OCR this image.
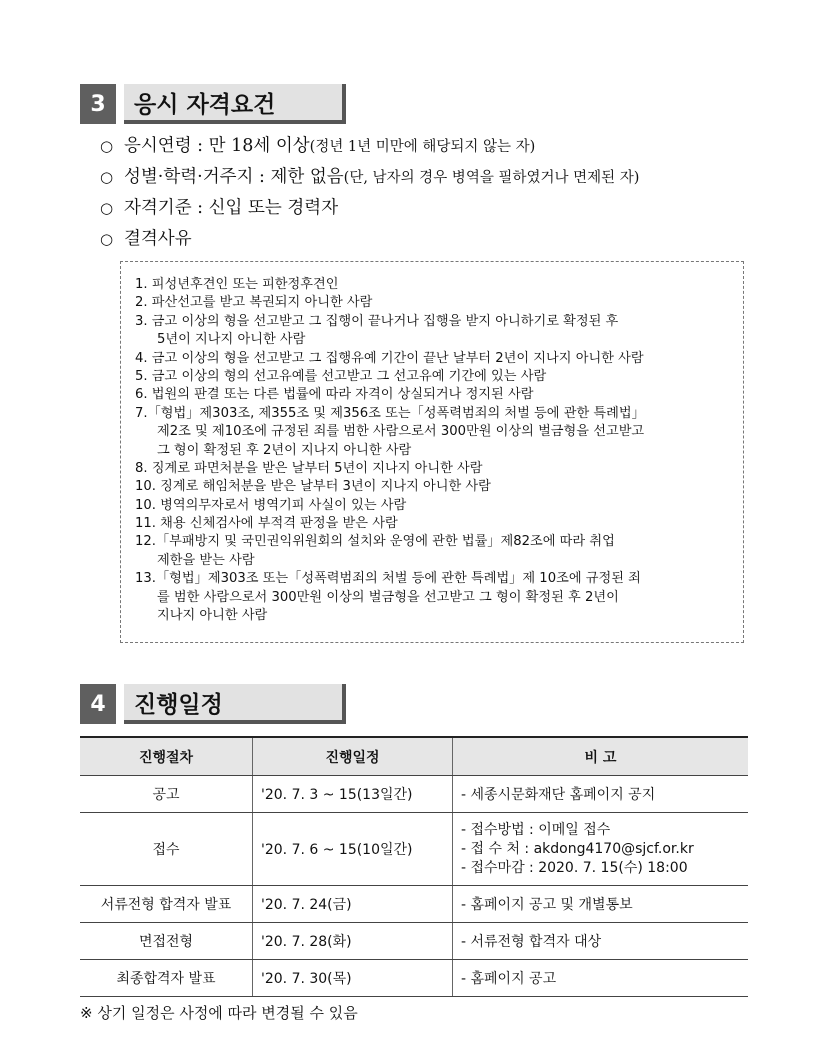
3	응시 자격요건
○ 응시연령 : 만 18세 이상(정년 1년 미만에 해당되지 않는 자)
○ 성별·학력·거주지 : 제한 없음(단, 남자의 경우 병역을 필하였거나 면제된 자)
○ 자격기준 : 신입 또는 경력자
○ 결격사유
1. 피성년후견인 또는 피한정후견인
2. 파산선고를 받고 복권되지 아니한 사람
3. 금고 이상의 형을 선고받고 그 집행이 끝나거나 집행을 받지 아니하기로 확정된 후
5년이 지나지 아니한 사람
4. 금고 이상의 형을 선고받고 그 집행유예 기간이 끝난 날부터 2년이 지나지 아니한 사람
5. 금고 이상의 형의 선고유예를 선고받고 그 선고유예 기간에 있는 사람
6. 법원의 판결 또는 다른 법률에 따라 자격이 상실되거나 정지된 사람
7.「형법」제303조, 제355조 및 제356조 또는「성폭력범죄의 처벌 등에 관한 특례법」
제2조 및 제10조에 규정된 죄를 범한 사람으로서 300만원 이상의 벌금형을 선고받고
그 형이 확정된 후 2년이 지나지 아니한 사람
8. 징계로 파면처분을 받은 날부터 5년이 지나지 아니한 사람
10. 징계로 해임처분을 받은 날부터 3년이 지나지 아니한 사람
10. 병역의무자로서 병역기피 사실이 있는 사람
11. 채용 신체검사에 부적격 판정을 받은 사람
12.「부패방지 및 국민권익위원회의 설치와 운영에 관한 법률」제82조에 따라 취업
제한을 받는 사람
13.「형법」제303조 또는「성폭력범죄의 처벌 등에 관한 특례법」제 10조에 규정된 죄
를 범한 사람으로서 300만원 이상의 벌금형을 선고받고 그 형이 확정된 후 2년이
지나지 아니한 사람
4	진행일정
진행절차	진행일정	비 고
공고	'20. 7. 3 ~ 15(13일간)	- 세종시문화재단 홈페이지 공지
접수	'20. 7. 6 ~ 15(10일간)	- 접수방법 : 이메일 접수
- 접 수 처 : akdong4170@sjcf.or.kr
- 접수마감 : 2020. 7. 15(수) 18:00

서류전형 합격자 발표	'20. 7. 24(금)	- 홈페이지 공고 및 개별통보
면접전형	'20. 7. 28(화)	- 서류전형 합격자 대상
최종합격자 발표	'20. 7. 30(목)	- 홈페이지 공고
※ 상기 일정은 사정에 따라 변경될 수 있음
